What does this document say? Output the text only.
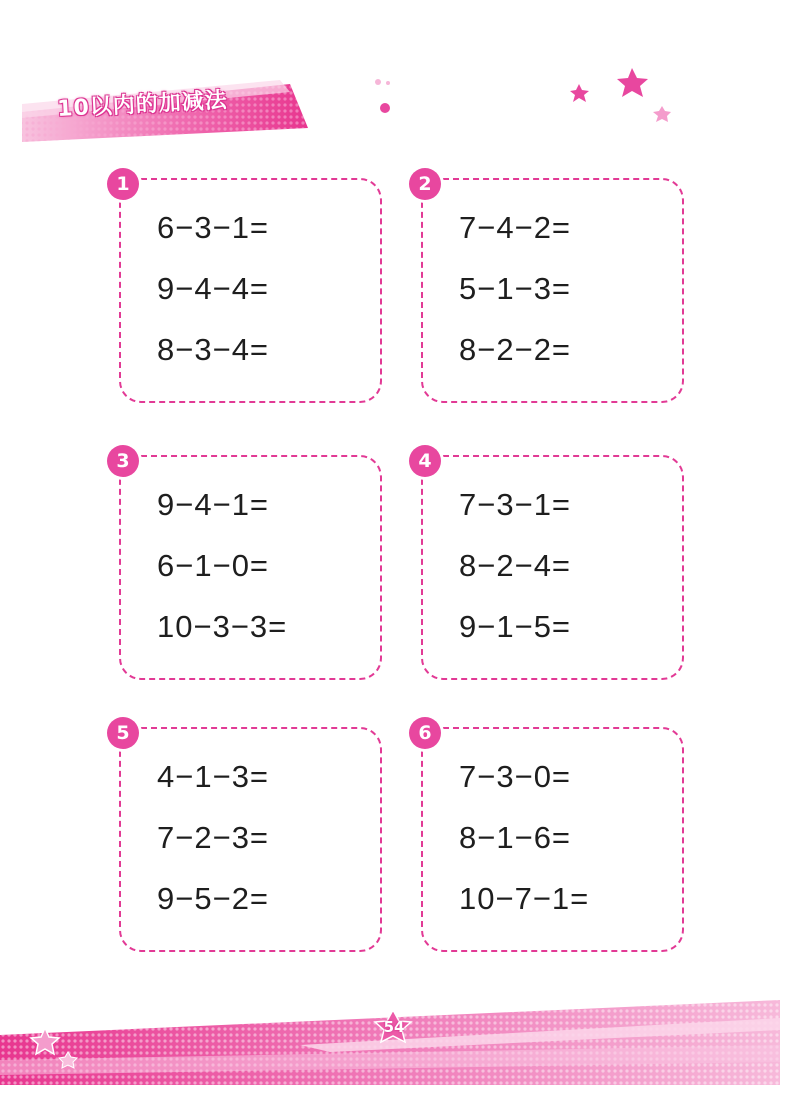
10以内的加减法
1
6−3−1=
9−4−4=
8−3−4=
2
7−4−2=
5−1−3=
8−2−2=
3
9−4−1=
6−1−0=
10−3−3=
4
7−3−1=
8−2−4=
9−1−5=
5
4−1−3=
7−2−3=
9−5−2=
6
7−3−0=
8−1−6=
10−7−1=
54
